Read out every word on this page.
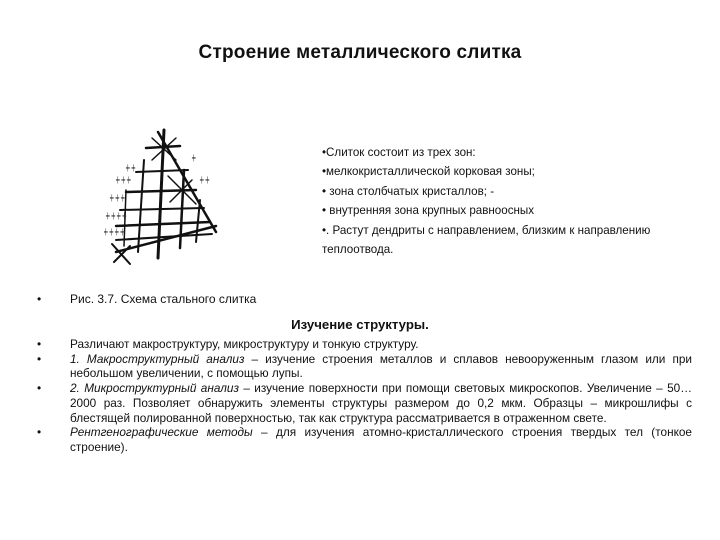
Строение металлического слитка
╪ ╪
╪ ╪ ╪
╪ ╪ ╪
╪ ╪ ╪ ╪
╪ ╪ ╪ ╪
╪
╪ ╪
•Слиток состоит из трех зон:
•мелкокристаллической корковая зоны;
• зона столбчатых кристаллов; -
• внутренняя зона крупных равноосных
•. Растут дендриты с направлением, близким к направлению теплоотвода.
• Рис. 3.7. Схема стального слитка
Изучение структуры.

• Различают макроструктуру, микроструктуру и тонкую структуру.

• 1. Макроструктурный анализ – изучение строения металлов и сплавов невооруженным глазом или при небольшом увеличении, с помощью лупы.

• 2. Микроструктурный анализ – изучение поверхности при помощи световых микроскопов. Увеличение – 50…2000 раз. Позволяет обнаружить элементы структуры размером до 0,2 мкм. Образцы – микрошлифы с блестящей полированной поверхностью, так как структура рассматривается в отраженном свете.

• Рентгенографические методы – для изучения атомно-кристаллического строения твердых тел (тонкое строение).
